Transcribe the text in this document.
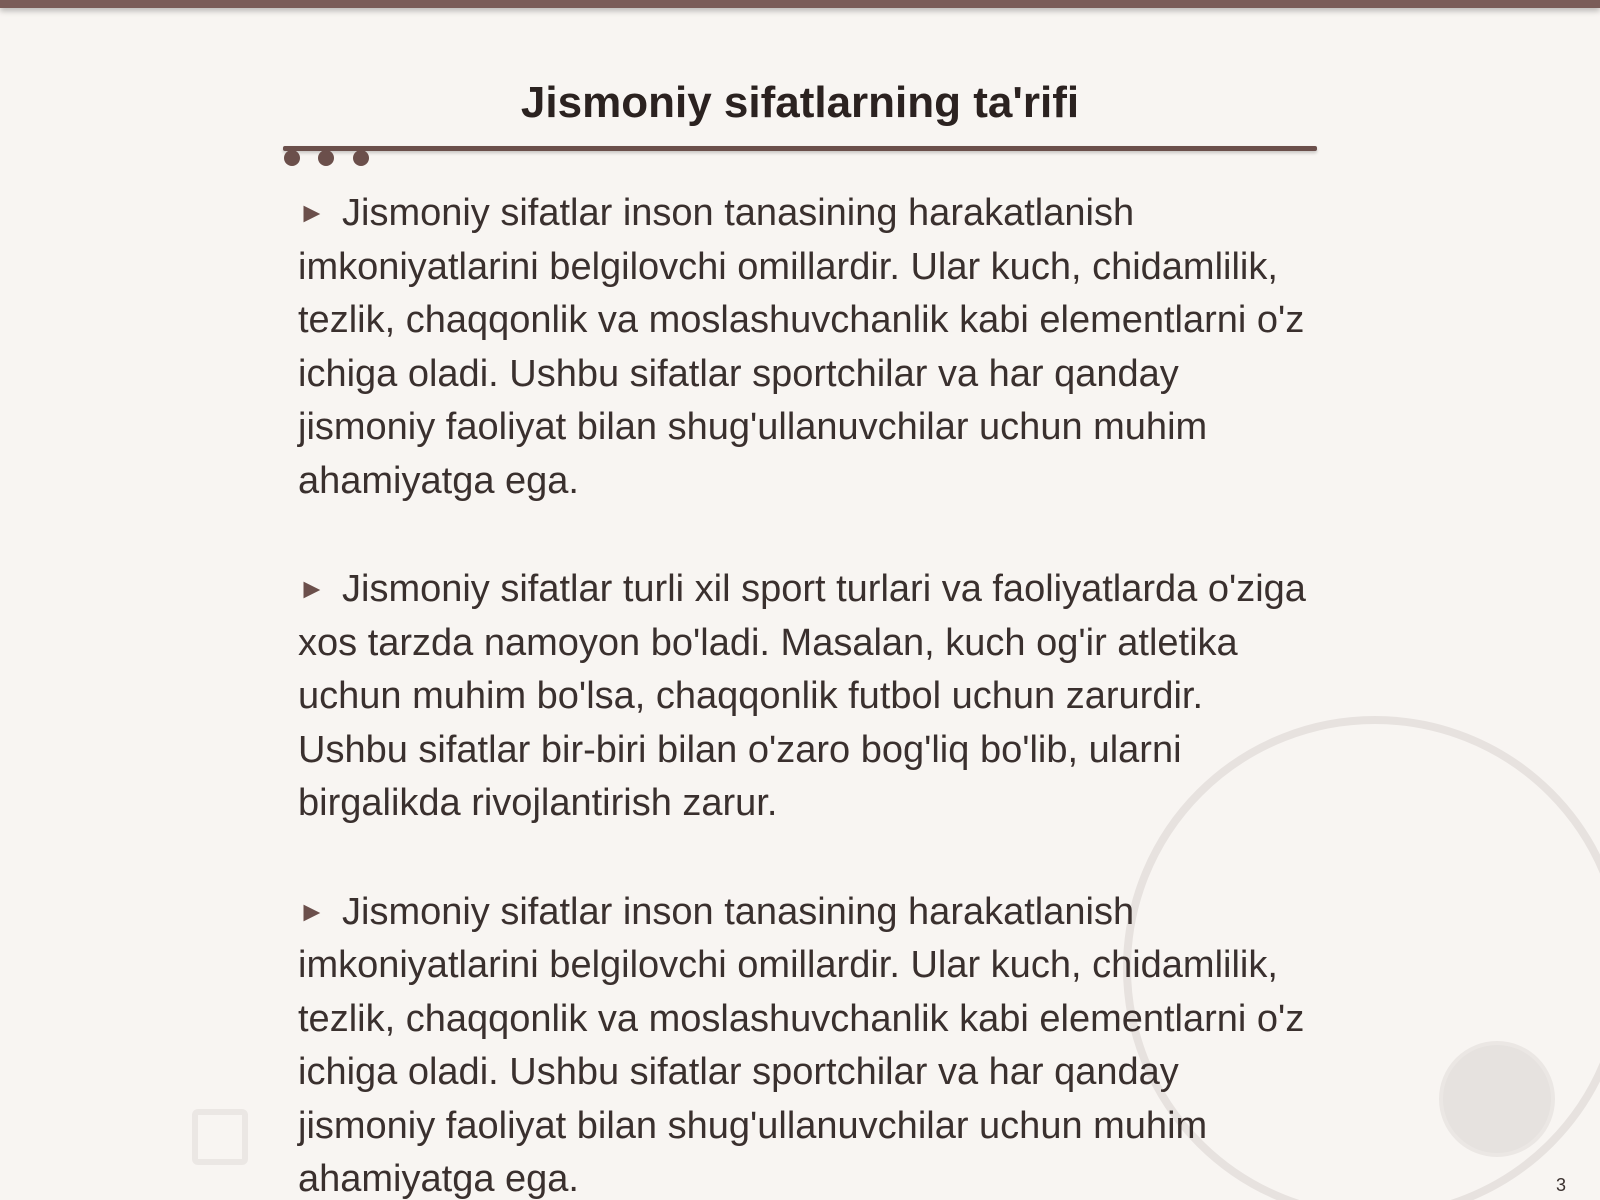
Jismoniy sifatlarning ta'rifi

► Jismoniy sifatlar inson tanasining harakatlanish imkoniyatlarini belgilovchi omillardir. Ular kuch, chidamlilik, tezlik, chaqqonlik va moslashuvchanlik kabi elementlarni o'z ichiga oladi. Ushbu sifatlar sportchilar va har qanday jismoniy faoliyat bilan shug'ullanuvchilar uchun muhim ahamiyatga ega.

► Jismoniy sifatlar turli xil sport turlari va faoliyatlarda o'ziga xos tarzda namoyon bo'ladi. Masalan, kuch og'ir atletika uchun muhim bo'lsa, chaqqonlik futbol uchun zarurdir. Ushbu sifatlar bir-biri bilan o'zaro bog'liq bo'lib, ularni birgalikda rivojlantirish zarur.

► Jismoniy sifatlar inson tanasining harakatlanish imkoniyatlarini belgilovchi omillardir. Ular kuch, chidamlilik, tezlik, chaqqonlik va moslashuvchanlik kabi elementlarni o'z ichiga oladi. Ushbu sifatlar sportchilar va har qanday jismoniy faoliyat bilan shug'ullanuvchilar uchun muhim ahamiyatga ega.	3
